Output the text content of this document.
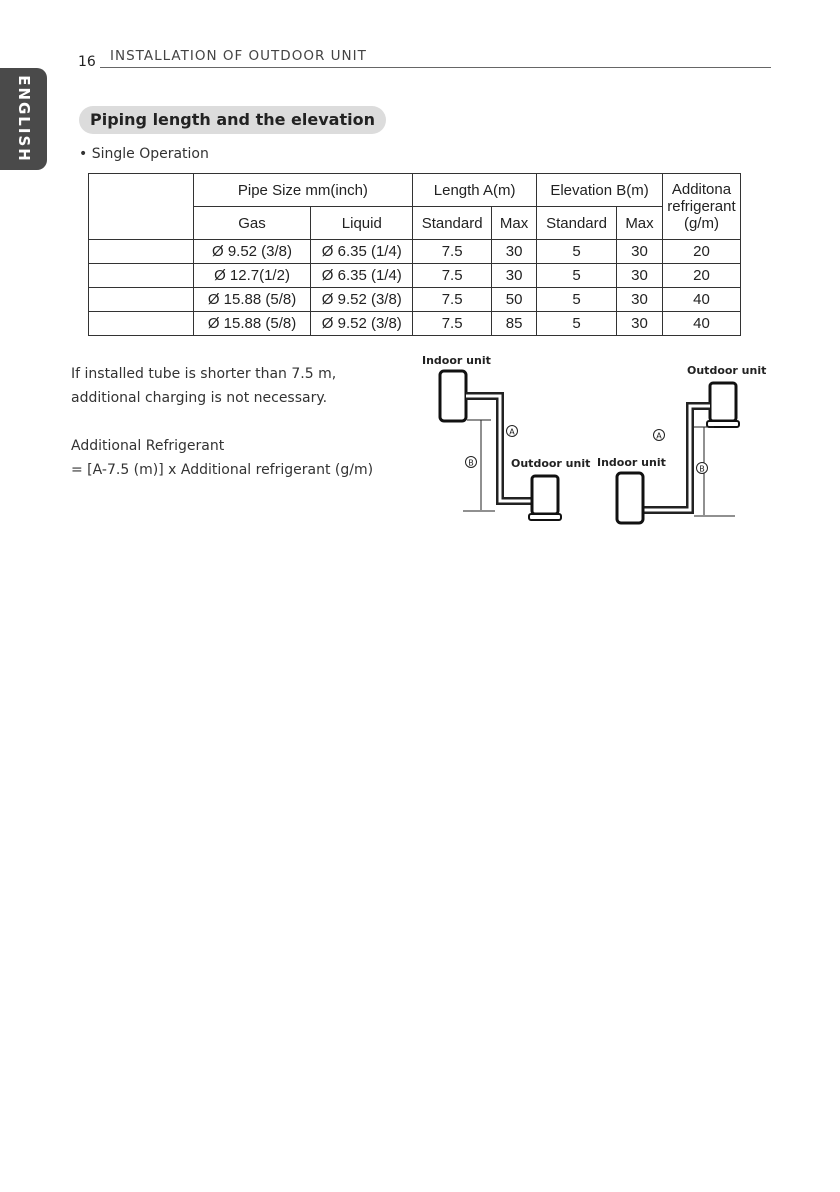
ENGLISH
16 INSTALLATION OF OUTDOOR UNIT
Piping length and the elevation
• Single Operation
	Pipe Size mm(inch)		Length A(m)		Elevation B(m)		Additona
refrigerant
(g/m)

	Gas	Liquid	Standard	Max	Standard	Max	
	Ø 9.52 (3/8)	Ø 6.35 (1/4)	7.5	30	5	30	20
	Ø 12.7(1/2)	Ø 6.35 (1/4)	7.5	30	5	30	20
	Ø 15.88 (5/8)	Ø 9.52 (3/8)	7.5	50	5	30	40
	Ø 15.88 (5/8)	Ø 9.52 (3/8)	7.5	85	5	30	40
If installed tube is shorter than 7.5 m,
additional charging is not necessary.
Additional Refrigerant
= [A-7.5 (m)] x Additional refrigerant (g/m)
Indoor unit
A
B	Outdoor unit
Outdoor unit
A
B
Indoor unit
